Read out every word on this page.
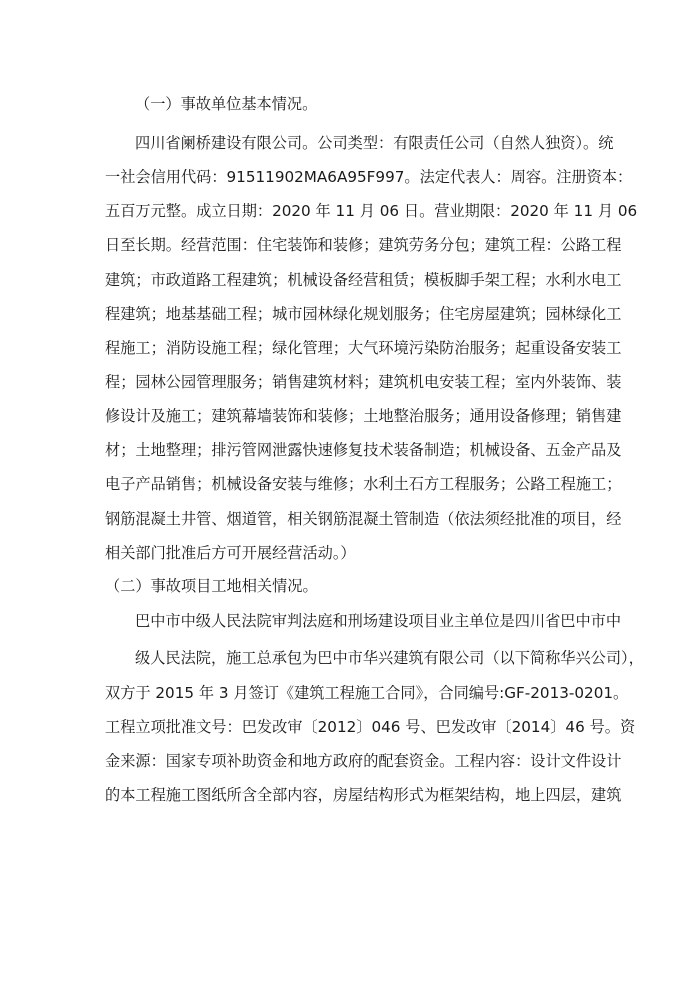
（一）事故单位基本情况。
四川省阑桥建设有限公司。公司类型：有限责任公司（自然人独资）。统
一社会信用代码：91511902MA6A95F997。法定代表人：周容。注册资本：
五百万元整。成立日期：2020 年 11 月 06 日。营业期限：2020 年 11 月 06
日至长期。经营范围：住宅装饰和装修；建筑劳务分包；建筑工程：公路工程
建筑；市政道路工程建筑；机械设备经营租赁；模板脚手架工程；水利水电工
程建筑；地基基础工程；城市园林绿化规划服务；住宅房屋建筑；园林绿化工
程施工；消防设施工程；绿化管理；大气环境污染防治服务；起重设备安装工
程；园林公园管理服务；销售建筑材料；建筑机电安装工程；室内外装饰、装
修设计及施工；建筑幕墙装饰和装修；土地整治服务；通用设备修理；销售建
材；土地整理；排污管网泄露快速修复技术装备制造；机械设备、五金产品及
电子产品销售；机械设备安装与维修；水利土石方工程服务；公路工程施工；
钢筋混凝土井管、烟道管，相关钢筋混凝土管制造（依法须经批准的项目，经
相关部门批准后方可开展经营活动。）
（二）事故项目工地相关情况。
巴中市中级人民法院审判法庭和刑场建设项目业主单位是四川省巴中市中
级人民法院，施工总承包为巴中市华兴建筑有限公司（以下简称华兴公司），
双方于 2015 年 3 月签订《建筑工程施工合同》，合同编号:GF-2013-0201。
工程立项批准文号：巴发改审〔2012〕046 号、巴发改审〔2014〕46 号。资
金来源：国家专项补助资金和地方政府的配套资金。工程内容：设计文件设计
的本工程施工图纸所含全部内容，房屋结构形式为框架结构，地上四层，建筑
